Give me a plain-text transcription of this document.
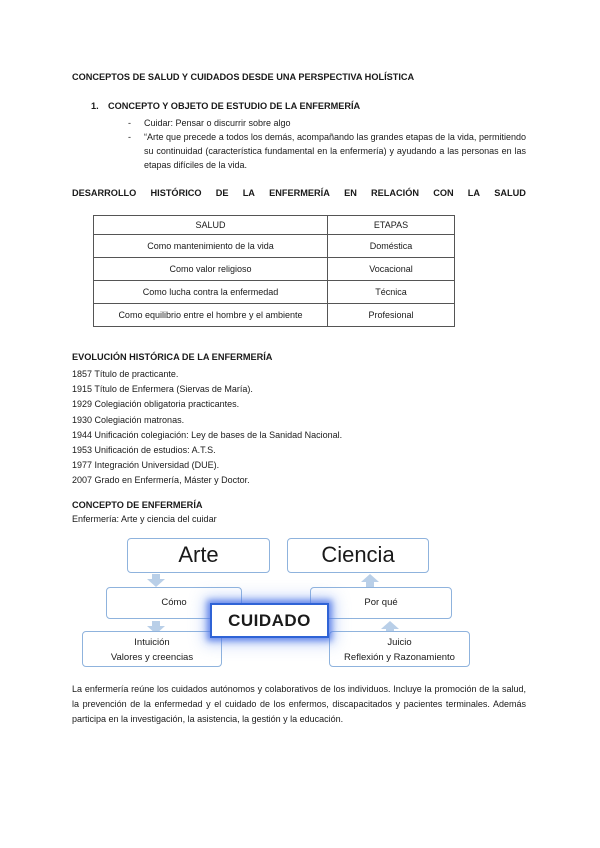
CONCEPTOS DE SALUD Y CUIDADOS DESDE UNA PERSPECTIVA HOLÍSTICA
1. CONCEPTO Y OBJETO DE ESTUDIO DE LA ENFERMERÍA
- Cuidar: Pensar o discurrir sobre algo
- “Arte que precede a todos los demás, acompañando las grandes etapas de la vida, permitiendo su continuidad (característica fundamental en la enfermería) y ayudando a las personas en las etapas difíciles de la vida.
DESARROLLO HISTÓRICO DE LA ENFERMERÍA EN RELACIÓN CON LA SALUD
SALUD	ETAPAS
Como mantenimiento de la vida	Doméstica
Como valor religioso	Vocacional
Como lucha contra la enfermedad	Técnica
Como equilibrio entre el hombre y el ambiente	Profesional
EVOLUCIÓN HISTÓRICA DE LA ENFERMERÍA
1857 Título de practicante.
1915 Título de Enfermera (Siervas de María).
1929 Colegiación obligatoria practicantes.
1930 Colegiación matronas.
1944 Unificación colegiación: Ley de bases de la Sanidad Nacional.
1953 Unificación de estudios: A.T.S.
1977 Integración Universidad (DUE).
2007 Grado en Enfermería, Máster y Doctor.
CONCEPTO DE ENFERMERÍA
Enfermería: Arte y ciencia del cuidar
Arte	Ciencia
Cómo	Por qué
Intuición
Valores y creencias
Juicio
Reflexión y Razonamiento
CUIDADO
La enfermería reúne los cuidados autónomos y colaborativos de los individuos. Incluye la promoción de la salud, la prevención de la enfermedad y el cuidado de los enfermos, discapacitados y pacientes terminales. Además participa en la investigación, la asistencia, la gestión y la educación.
